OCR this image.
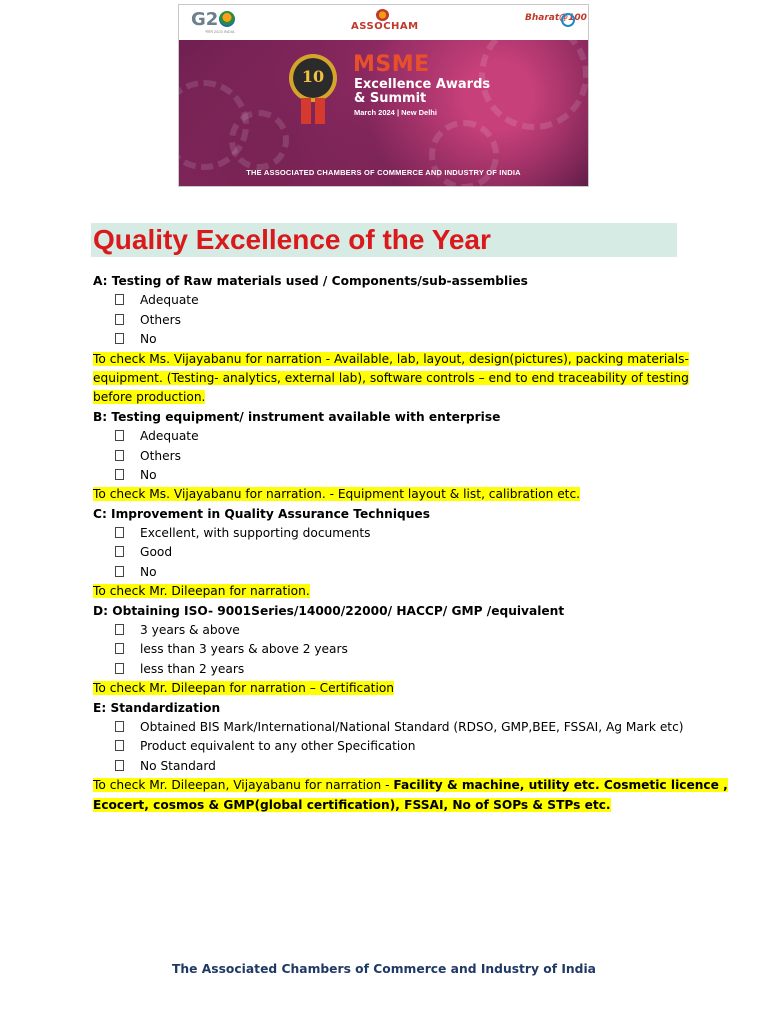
G2
भारत 2023 INDIA	ASSOCHAM
Bharat@100
10	MSME
Excellence Awards
& Summit
March 2024 | New Delhi
THE ASSOCIATED CHAMBERS OF COMMERCE AND INDUSTRY OF INDIA
Quality Excellence of the Year
A: Testing of Raw materials used / Components/sub-assemblies
Adequate
Others
No
To check Ms. Vijayabanu for narration - Available, lab, layout, design(pictures), packing materials-
equipment. (Testing- analytics, external lab), software controls – end to end traceability of testing
before production.
B: Testing equipment/ instrument available with enterprise
Adequate
Others
No
To check Ms. Vijayabanu for narration. - Equipment layout & list, calibration etc.
C: Improvement in Quality Assurance Techniques
Excellent, with supporting documents
Good
No
To check Mr. Dileepan for narration.
D: Obtaining ISO- 9001Series/14000/22000/ HACCP/ GMP /equivalent
3 years & above
less than 3 years & above 2 years
less than 2 years
To check Mr. Dileepan for narration – Certification
E: Standardization
Obtained BIS Mark/International/National Standard (RDSO, GMP,BEE, FSSAI, Ag Mark etc)
Product equivalent to any other Specification
No Standard
To check Mr. Dileepan, Vijayabanu for narration - Facility & machine, utility etc. Cosmetic licence ,
Ecocert, cosmos & GMP(global certification), FSSAI, No of SOPs & STPs etc.
The Associated Chambers of Commerce and Industry of India
